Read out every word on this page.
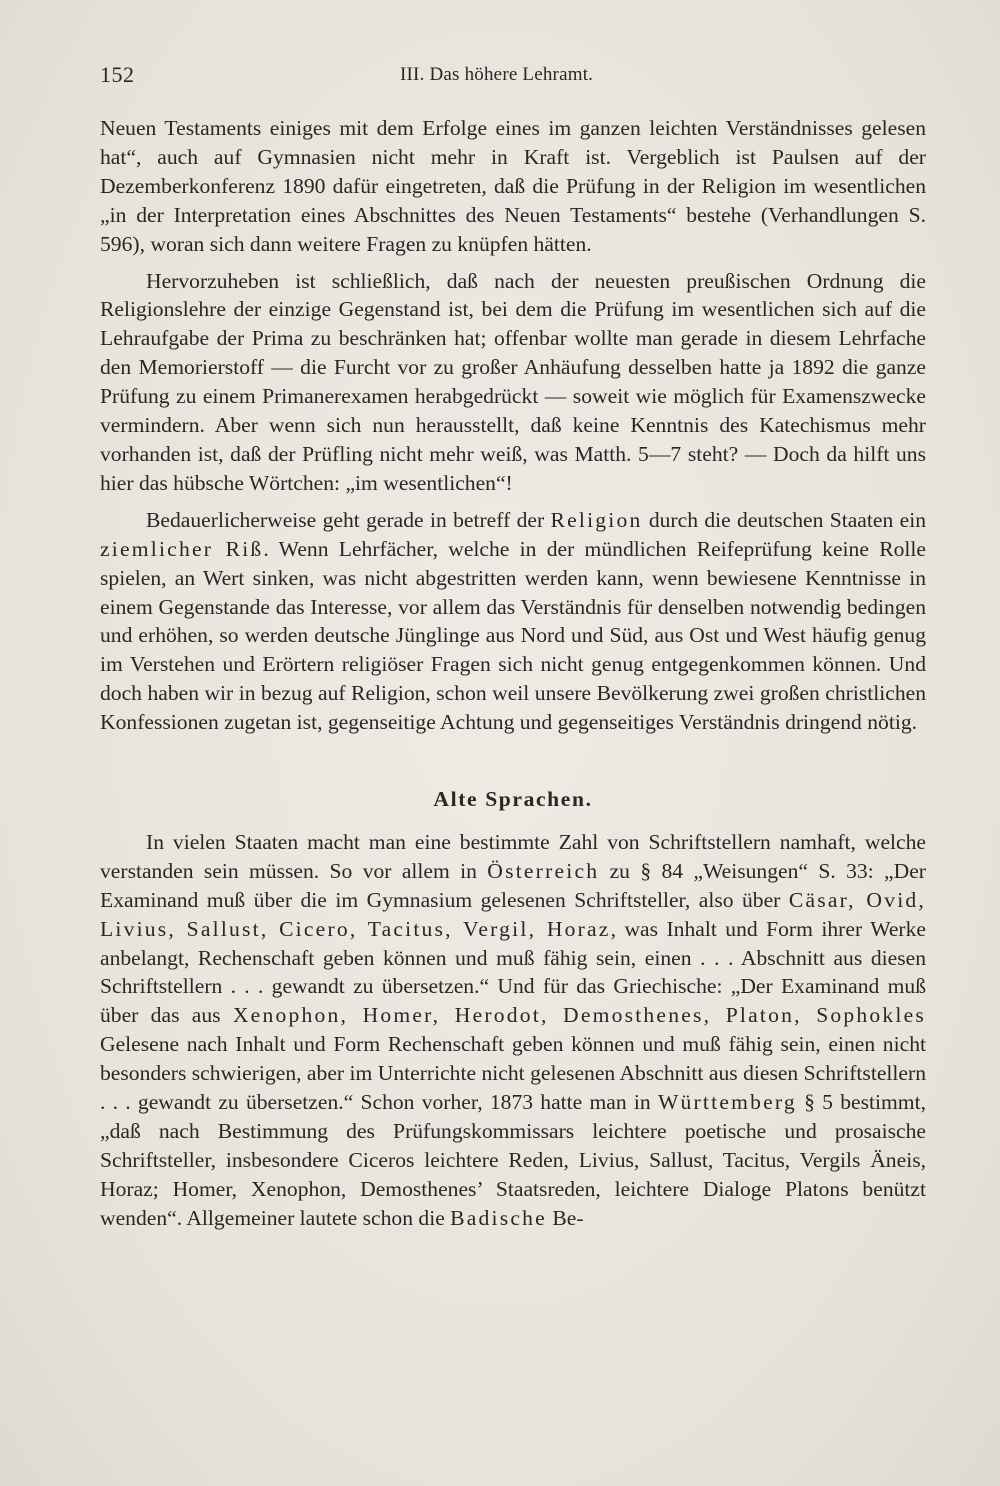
152	III. Das höhere Lehramt.

Neuen Testaments einiges mit dem Erfolge eines im ganzen leichten Verständnisses gelesen hat“, auch auf Gymnasien nicht mehr in Kraft ist. Vergeblich ist Paulsen auf der Dezemberkonferenz 1890 dafür eingetreten, daß die Prüfung in der Religion im wesentlichen „in der Interpretation eines Abschnittes des Neuen Testaments“ bestehe (Verhandlungen S. 596), woran sich dann weitere Fragen zu knüpfen hätten.

Hervorzuheben ist schließlich, daß nach der neuesten preußischen Ordnung die Religionslehre der einzige Gegenstand ist, bei dem die Prüfung im wesentlichen sich auf die Lehraufgabe der Prima zu beschränken hat; offenbar wollte man gerade in diesem Lehrfache den Memorierstoff — die Furcht vor zu großer Anhäufung desselben hatte ja 1892 die ganze Prüfung zu einem Primanerexamen herabgedrückt — soweit wie möglich für Examenszwecke vermindern. Aber wenn sich nun herausstellt, daß keine Kenntnis des Katechismus mehr vorhanden ist, daß der Prüfling nicht mehr weiß, was Matth. 5—7 steht? — Doch da hilft uns hier das hübsche Wörtchen: „im wesentlichen“!

Bedauerlicherweise geht gerade in betreff der Religion durch die deutschen Staaten ein ziemlicher Riß. Wenn Lehrfächer, welche in der mündlichen Reifeprüfung keine Rolle spielen, an Wert sinken, was nicht abgestritten werden kann, wenn bewiesene Kenntnisse in einem Gegenstande das Interesse, vor allem das Verständnis für denselben notwendig bedingen und erhöhen, so werden deutsche Jünglinge aus Nord und Süd, aus Ost und West häufig genug im Verstehen und Erörtern religiöser Fragen sich nicht genug entgegenkommen können. Und doch haben wir in bezug auf Religion, schon weil unsere Bevölkerung zwei großen christlichen Konfessionen zugetan ist, gegenseitige Achtung und gegenseitiges Verständnis dringend nötig.

Alte Sprachen.

In vielen Staaten macht man eine bestimmte Zahl von Schriftstellern namhaft, welche verstanden sein müssen. So vor allem in Österreich zu § 84 „Weisungen“ S. 33: „Der Examinand muß über die im Gymnasium gelesenen Schriftsteller, also über Cäsar, Ovid, Livius, Sallust, Cicero, Tacitus, Vergil, Horaz, was Inhalt und Form ihrer Werke anbelangt, Rechenschaft geben können und muß fähig sein, einen . . . Abschnitt aus diesen Schriftstellern . . . gewandt zu übersetzen.“ Und für das Griechische: „Der Examinand muß über das aus Xenophon, Homer, Herodot, Demosthenes, Platon, Sophokles Gelesene nach Inhalt und Form Rechenschaft geben können und muß fähig sein, einen nicht besonders schwierigen, aber im Unterrichte nicht gelesenen Abschnitt aus diesen Schriftstellern . . . gewandt zu übersetzen.“ Schon vorher, 1873 hatte man in Württemberg § 5 bestimmt, „daß nach Bestimmung des Prüfungskommissars leichtere poetische und prosaische Schriftsteller, insbesondere Ciceros leichtere Reden, Livius, Sallust, Tacitus, Vergils Äneis, Horaz; Homer, Xenophon, Demosthenes’ Staatsreden, leichtere Dialoge Platons benützt wenden“. Allgemeiner lautete schon die Badische Be-
